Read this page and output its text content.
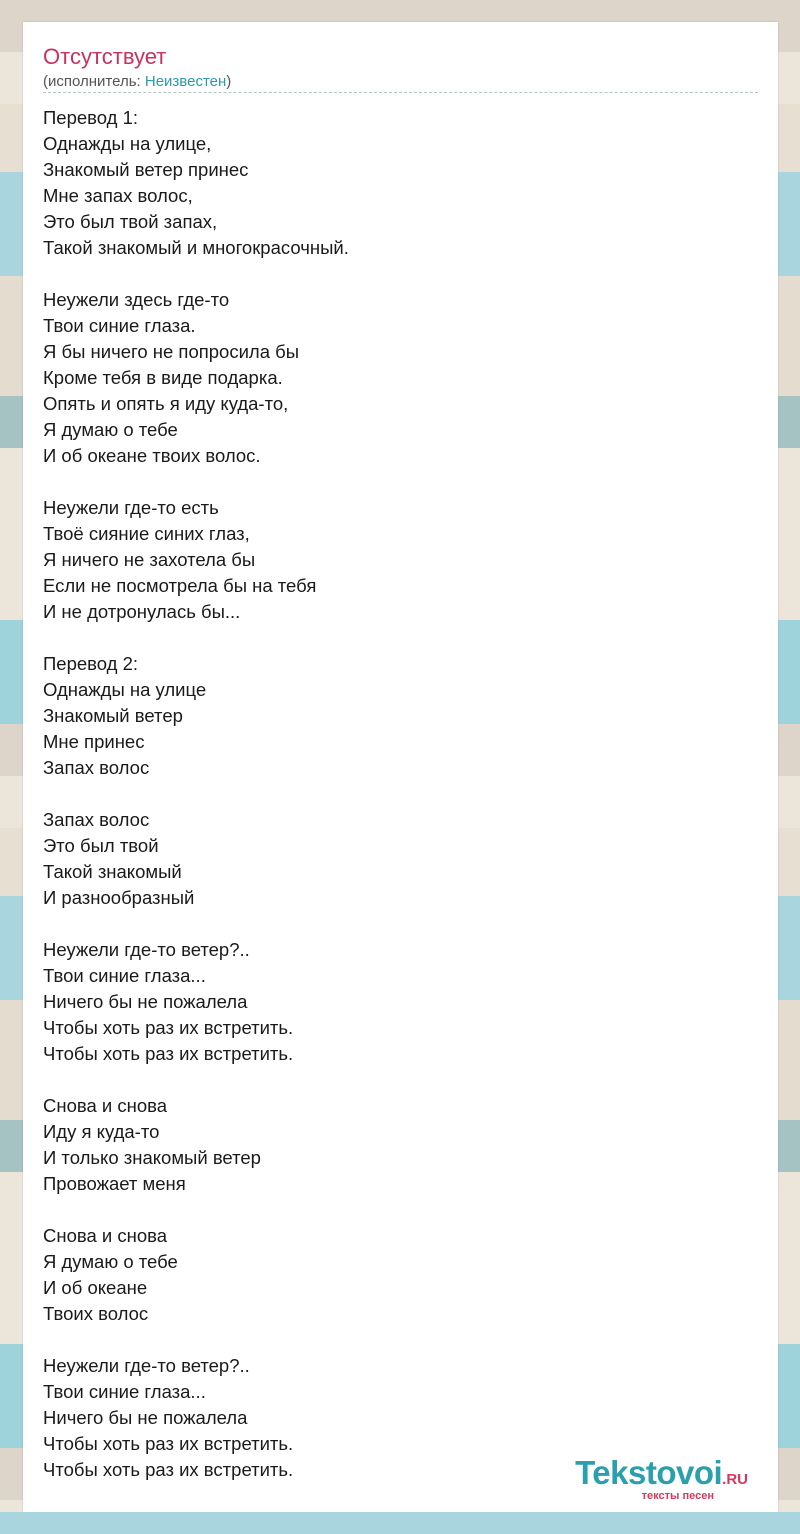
Отсутствует
(исполнитель: Неизвестен)
Перевод 1:
Однажды на улице,
Знакомый ветер принес
Мне запах волос,
Это был твой запах,
Такой знакомый и многокрасочный.
Неужели здесь где-то
Твои синие глаза.
Я бы ничего не попросила бы
Кроме тебя в виде подарка.
Опять и опять я иду куда-то,
Я думаю о тебе
И об океане твоих волос.
Неужели где-то есть
Твоё сияние синих глаз,
Я ничего не захотела бы
Если не посмотрела бы на тебя
И не дотронулась бы...
Перевод 2:
Однажды на улице
Знакомый ветер
Мне принес
Запах волос
Запах волос
Это был твой
Такой знакомый
И разнообразный
Неужели где-то ветер?..
Твои синие глаза...
Ничего бы не пожалела
Чтобы хоть раз их встретить.
Чтобы хоть раз их встретить.
Снова и снова
Иду я куда-то
И только знакомый ветер
Провожает меня
Снова и снова
Я думаю о тебе
И об океане
Твоих волос
Неужели где-то ветер?..
Твои синие глаза...
Ничего бы не пожалела
Чтобы хоть раз их встретить.
Чтобы хоть раз их встретить.	Tekstovoi.RU
тексты песен
